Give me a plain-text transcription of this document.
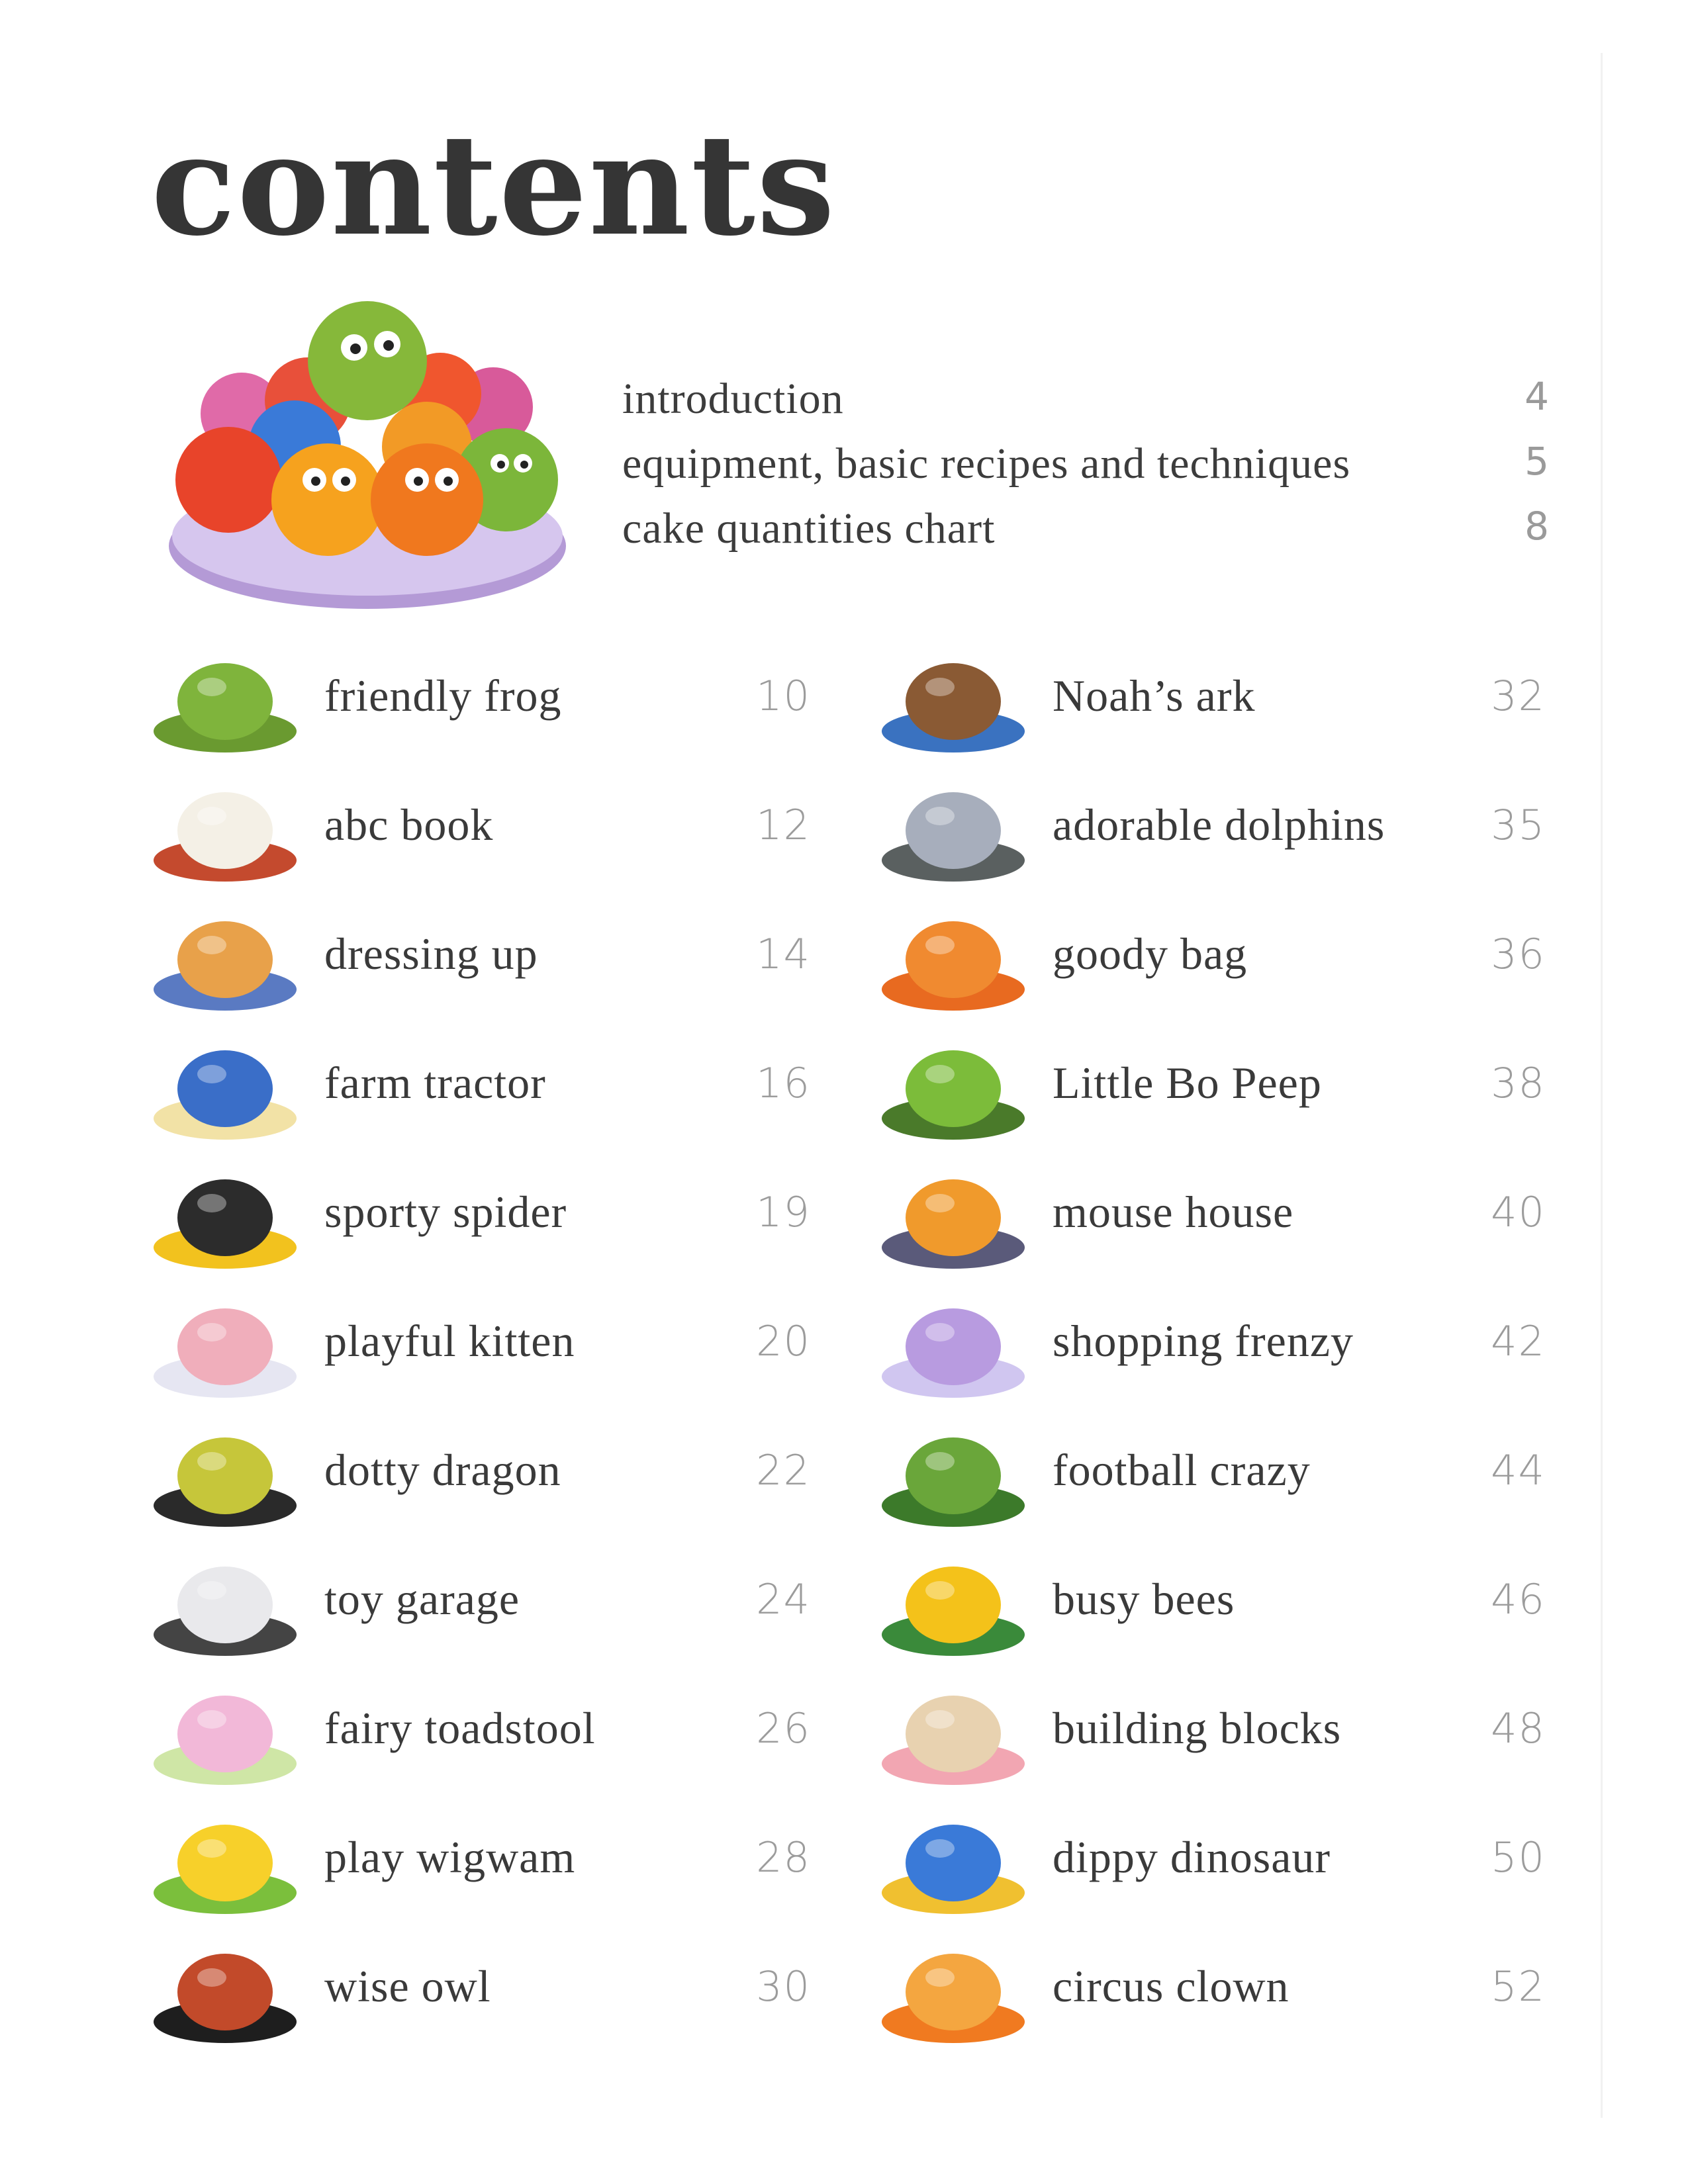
contents
introduction	4
equipment, basic recipes and techniques	5
cake quantities chart	8
friendly frog	10
abc book	12
dressing up	14
farm tractor	16
sporty spider	19
playful kitten	20
dotty dragon	22
toy garage	24
fairy toadstool	26
play wigwam	28
wise owl	30
Noah’s ark	32
adorable dolphins	35
goody bag	36
Little Bo Peep	38
mouse house	40
shopping frenzy	42
football crazy	44
busy bees	46
building blocks	48
dippy dinosaur	50
circus clown	52
